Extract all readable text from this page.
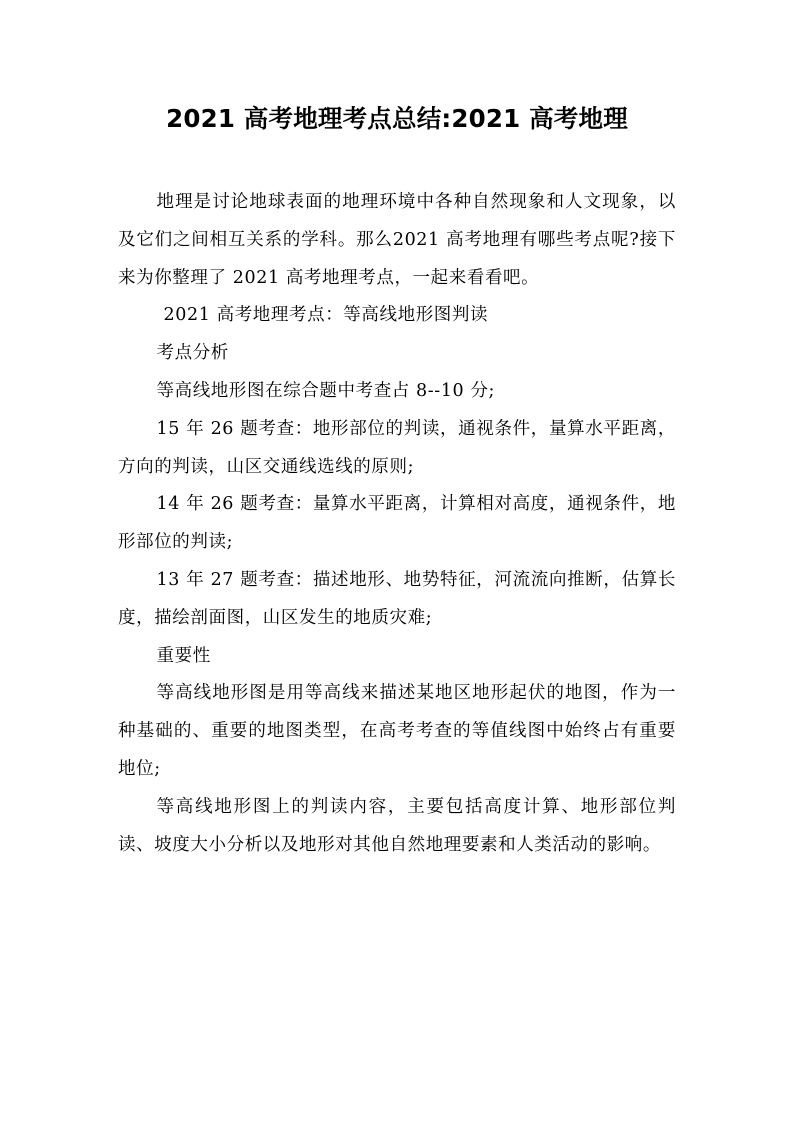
2021 高考地理考点总结:2021 高考地理

地理是讨论地球表面的地理环境中各种自然现象和人文现象，以及它们之间相互关系的学科。那么2021 高考地理有哪些考点呢?接下来为你整理了 2021 高考地理考点，一起来看看吧。

2021 高考地理考点：等高线地形图判读

考点分析

等高线地形图在综合题中考查占 8--10 分;

15 年 26 题考查：地形部位的判读，通视条件，量算水平距离，方向的判读，山区交通线选线的原则;

14 年 26 题考查：量算水平距离，计算相对高度，通视条件，地形部位的判读;

13 年 27 题考查：描述地形、地势特征，河流流向推断，估算长度，描绘剖面图，山区发生的地质灾难;

重要性

等高线地形图是用等高线来描述某地区地形起伏的地图，作为一种基础的、重要的地图类型，在高考考查的等值线图中始终占有重要地位;

等高线地形图上的判读内容，主要包括高度计算、地形部位判读、坡度大小分析以及地形对其他自然地理要素和人类活动的影响。
